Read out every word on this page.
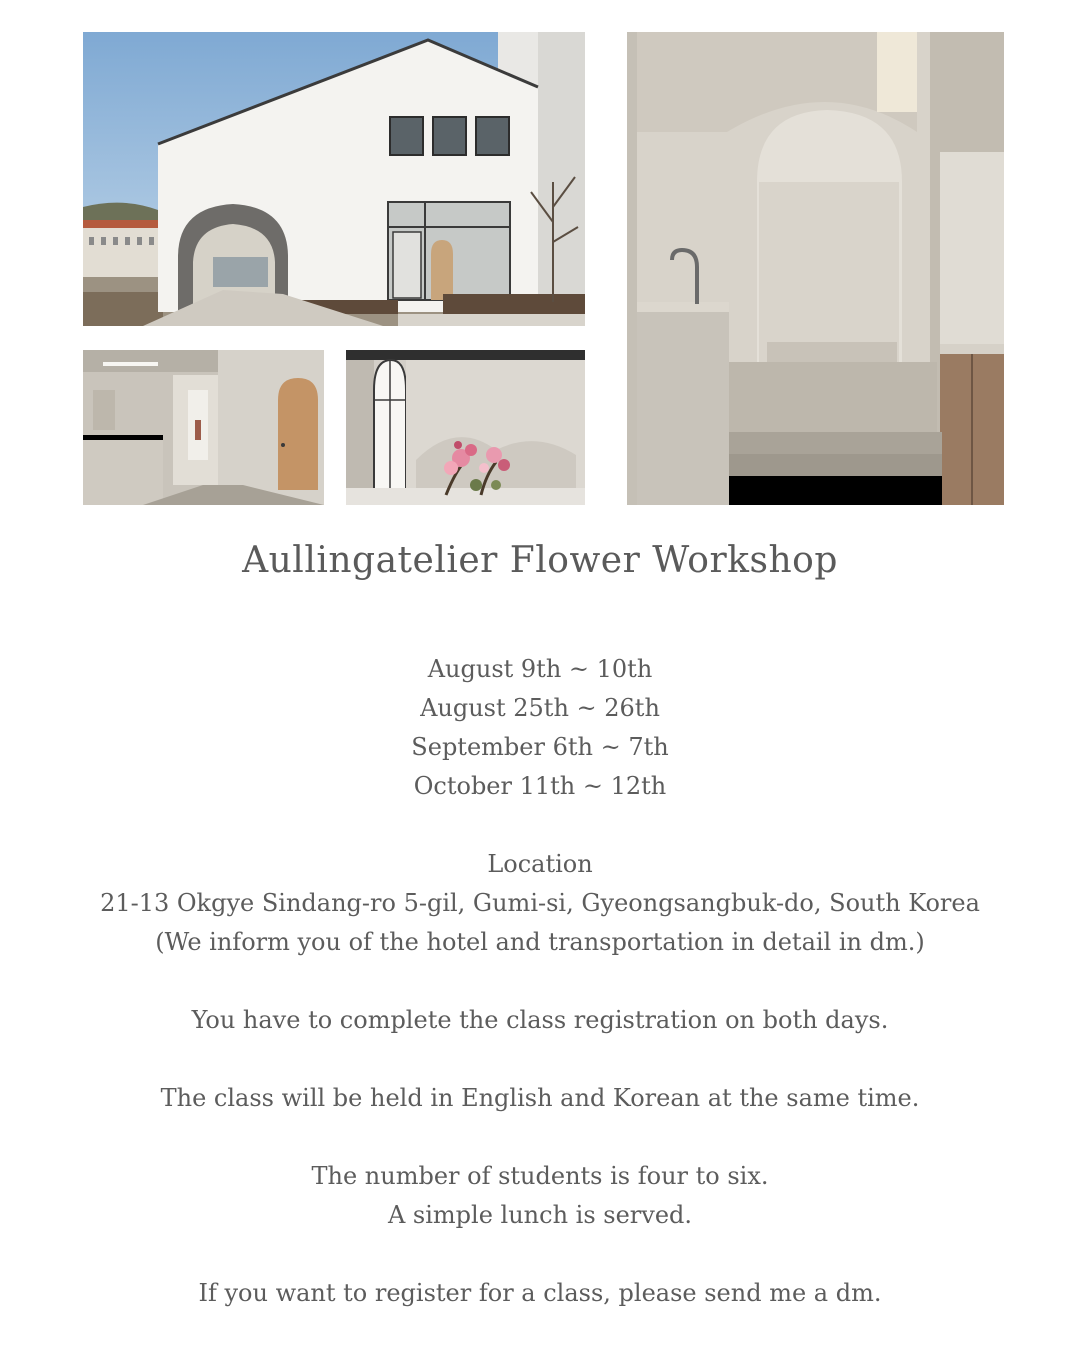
Aullingatelier Flower Workshop
August 9th ~ 10th
August 25th ~ 26th
September 6th ~ 7th
October 11th ~ 12th
Location
21-13 Okgye Sindang-ro 5-gil, Gumi-si, Gyeongsangbuk-do, South Korea
(We inform you of the hotel and transportation in detail in dm.)
You have to complete the class registration on both days.
The class will be held in English and Korean at the same time.
The number of students is four to six.
A simple lunch is served.
If you want to register for a class, please send me a dm.
